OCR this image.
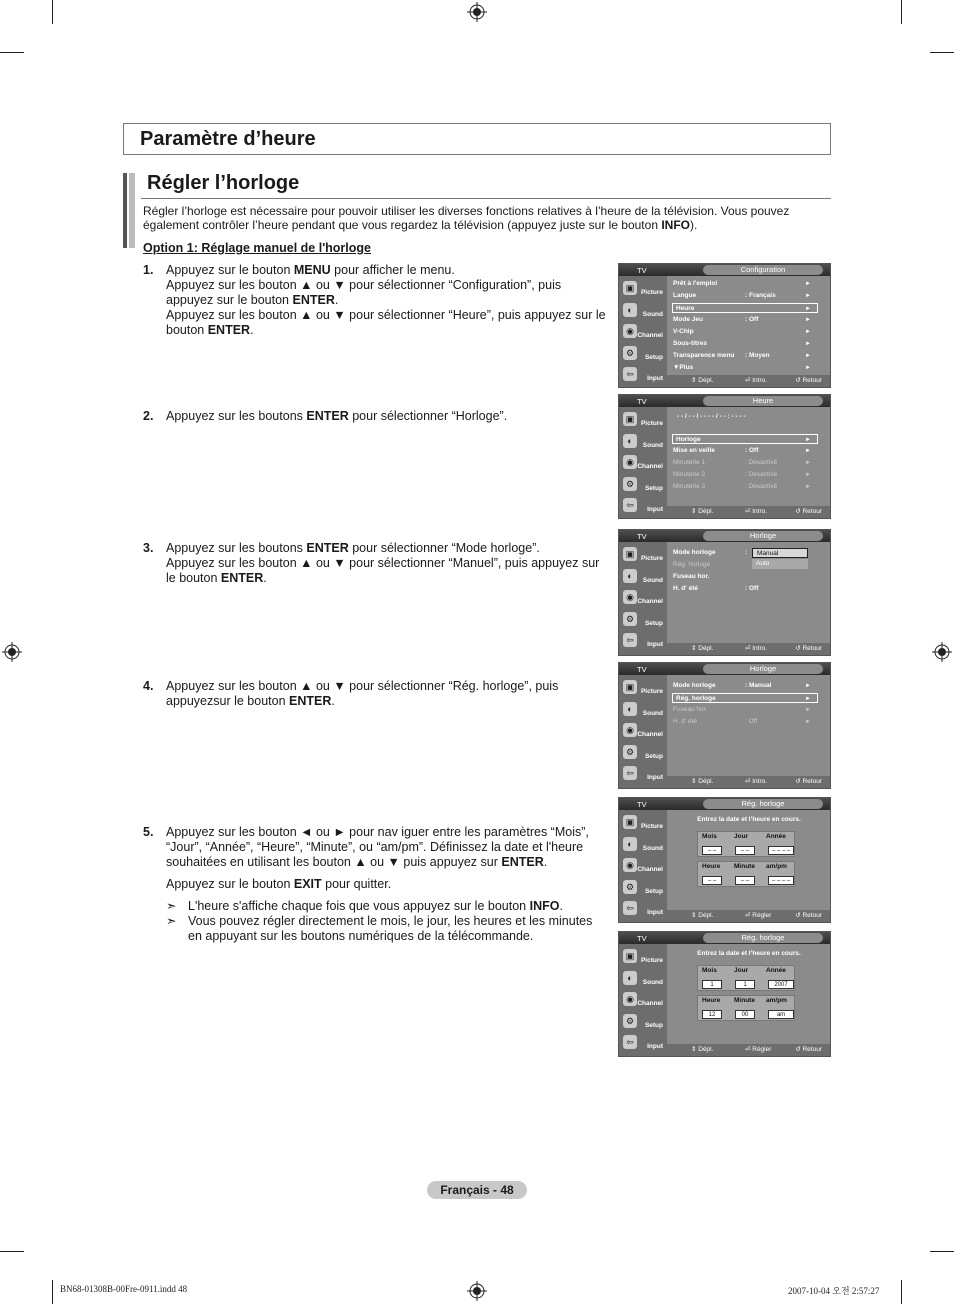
Paramètre d’heure
Régler l’horloge
Régler l’horloge est nécessaire pour pouvoir utiliser les diverses fonctions relatives à l’heure de la télévision. Vous pouvez également contrôler l’heure pendant que vous regardez la télévision (appuyez juste sur le bouton INFO).
Option 1: Réglage manuel de l'horloge
1. Appuyez sur le bouton MENU pour afficher le menu.
Appuyez sur les bouton ▲ ou ▼ pour sélectionner “Configuration”, puis appuyez sur le bouton ENTER.
Appuyez sur les bouton ▲ ou ▼ pour sélectionner “Heure”, puis appuyez sur le bouton ENTER.
2. Appuyez sur les boutons ENTER pour sélectionner “Horloge”.
3. Appuyez sur les boutons ENTER pour sélectionner “Mode horloge”.
Appuyez sur les bouton ▲ ou ▼ pour sélectionner “Manuel”, puis appuyez sur le bouton ENTER.
4. Appuyez sur les bouton ▲ ou ▼ pour sélectionner “Rég. horloge”, puis appuyezsur le bouton ENTER.
5. Appuyez sur les bouton ◄ ou ► pour nav iguer entre les paramètres “Mois”, “Jour”, “Année”, “Heure”, “Minute”, ou “am/pm”. Définissez la date et l'heure souhaitées en utilisant les bouton ▲ ou ▼ puis appuyez sur ENTER.
Appuyez sur le bouton EXIT pour quitter.
➣ L'heure s'affiche chaque fois que vous appuyez sur le bouton INFO.
➣ Vous pouvez régler directement le mois, le jour, les heures et les minutes en appuyant sur les boutons numériques de la télécommande.
TV	Configuration
▣	Picture
◐	Sound
◉ Channel
⚙	Setup
⇦	Input	⇕ Dépl.	⏎ Intro.	↺ Retour
Prêt à l'emploi	►
Langue	: Français	►
Heure	►
Mode Jeu	: Off	►
V-Chip	►
Sous-titres	►
Transparence menu : Moyen	►
▼Plus	►
TV	Heure
▣	Picture
◐	Sound
◉ Channel
⚙	Setup
⇦	Input	⇕ Dépl.	⏎ Intro.	↺ Retour
- - / - - / - - - - / - - : - - - -
Horloge	►
Mise en veille	: Off	►
Minuterie 1	: Désactivé	►
Minuterie 2	: Désactivé	►
Minuterie 3	: Désactivé	►
TV	Horloge
▣	Picture
◐	Sound
◉ Channel
⚙	Setup
⇦	Input
⇕ Dépl.	⏎ Intro.	↺ Retour
Mode horloge	:
Rég. horloge
Fuseau hor.
H. d' été	: Off
Manual
Auto
TV	Horloge
▣	Picture
◐	Sound
◉ Channel
⚙	Setup
⇦	Input
⇕ Dépl.	⏎ Intro.	↺ Retour
Mode horloge	: Manual	►
Rég. horloge	►
Fuseau hor.	►
H. d' été	: Off	►
TV	Rég. horloge
▣	Picture
◐	Sound
◉ Channel
⚙	Setup
⇦	Input	⇕ Dépl.	⏎ Régler	↺ Retour
Entrez la date et l’heure en cours.
Mois	Jour	Année
– –	– –	– – – –
Heure Minute am/pm
– –	– –	– – – –
TV	Rég. horloge
▣	Picture
◐	Sound
◉ Channel
⚙	Setup
⇦	Input	⇕ Dépl.	⏎ Régler	↺ Retour
Entrez la date et l’heure en cours.
Mois	Jour	Année
1	1	2007
Heure Minute am/pm
12	00	am
Français - 48
BN68-01308B-00Fre-0911.indd 48	2007-10-04 오전 2:57:27
